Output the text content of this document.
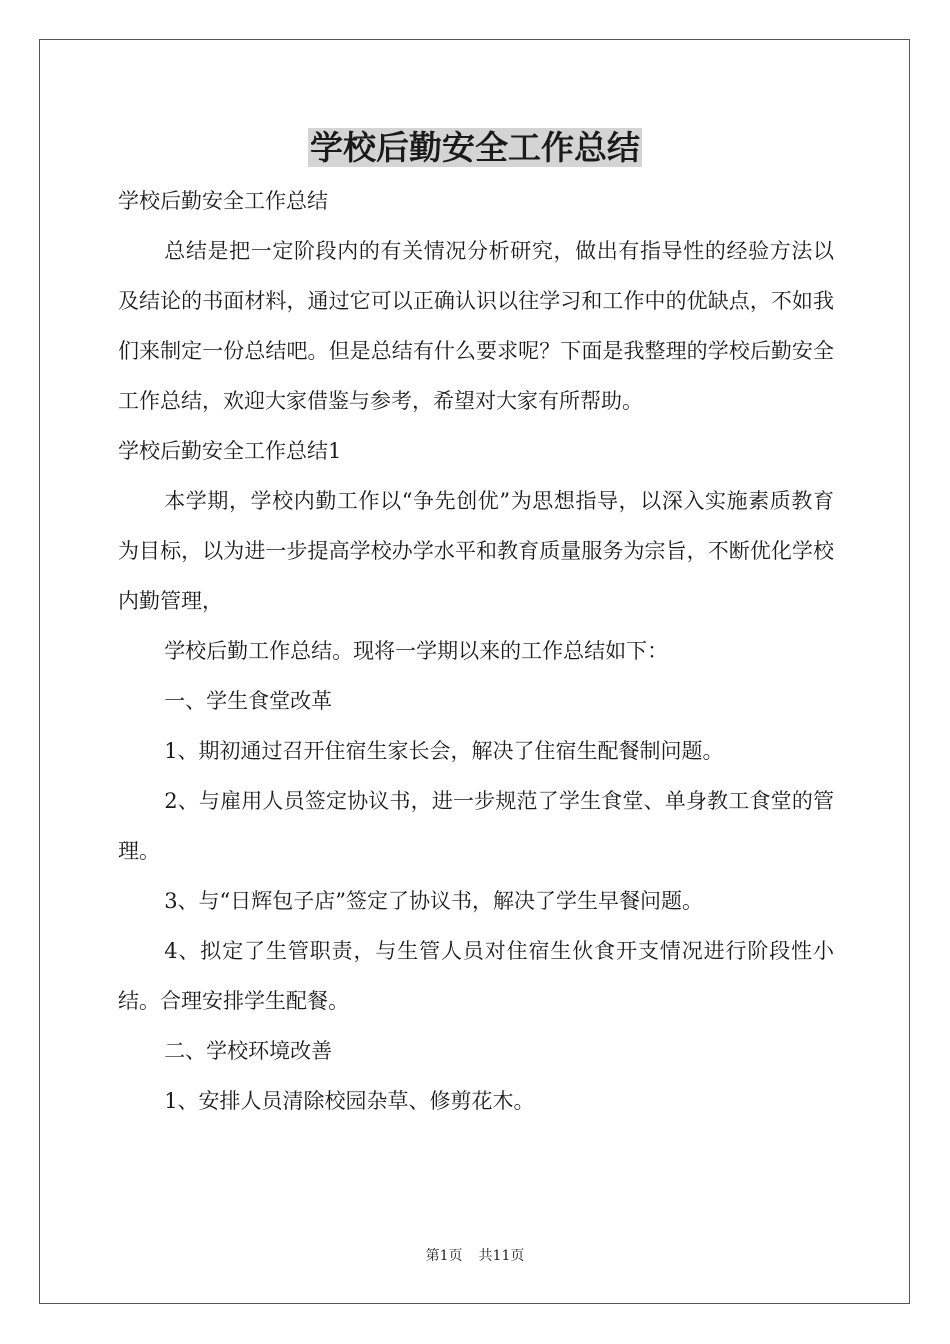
学校后勤安全工作总结

学校后勤安全工作总结

总结是把一定阶段内的有关情况分析研究，做出有指导性的经验方法以及结论的书面材料，通过它可以正确认识以往学习和工作中的优缺点，不如我们来制定一份总结吧。但是总结有什么要求呢？下面是我整理的学校后勤安全工作总结，欢迎大家借鉴与参考，希望对大家有所帮助。

学校后勤安全工作总结1

本学期，学校内勤工作以“争先创优”为思想指导，以深入实施素质教育为目标，以为进一步提高学校办学水平和教育质量服务为宗旨，不断优化学校内勤管理，

学校后勤工作总结。现将一学期以来的工作总结如下：

一、学生食堂改革

1、期初通过召开住宿生家长会，解决了住宿生配餐制问题。

2、与雇用人员签定协议书，进一步规范了学生食堂、单身教工食堂的管理。

3、与“日辉包子店”签定了协议书，解决了学生早餐问题。

4、拟定了生管职责，与生管人员对住宿生伙食开支情况进行阶段性小结。合理安排学生配餐。

二、学校环境改善

1、安排人员清除校园杂草、修剪花木。

第1页 共11页
